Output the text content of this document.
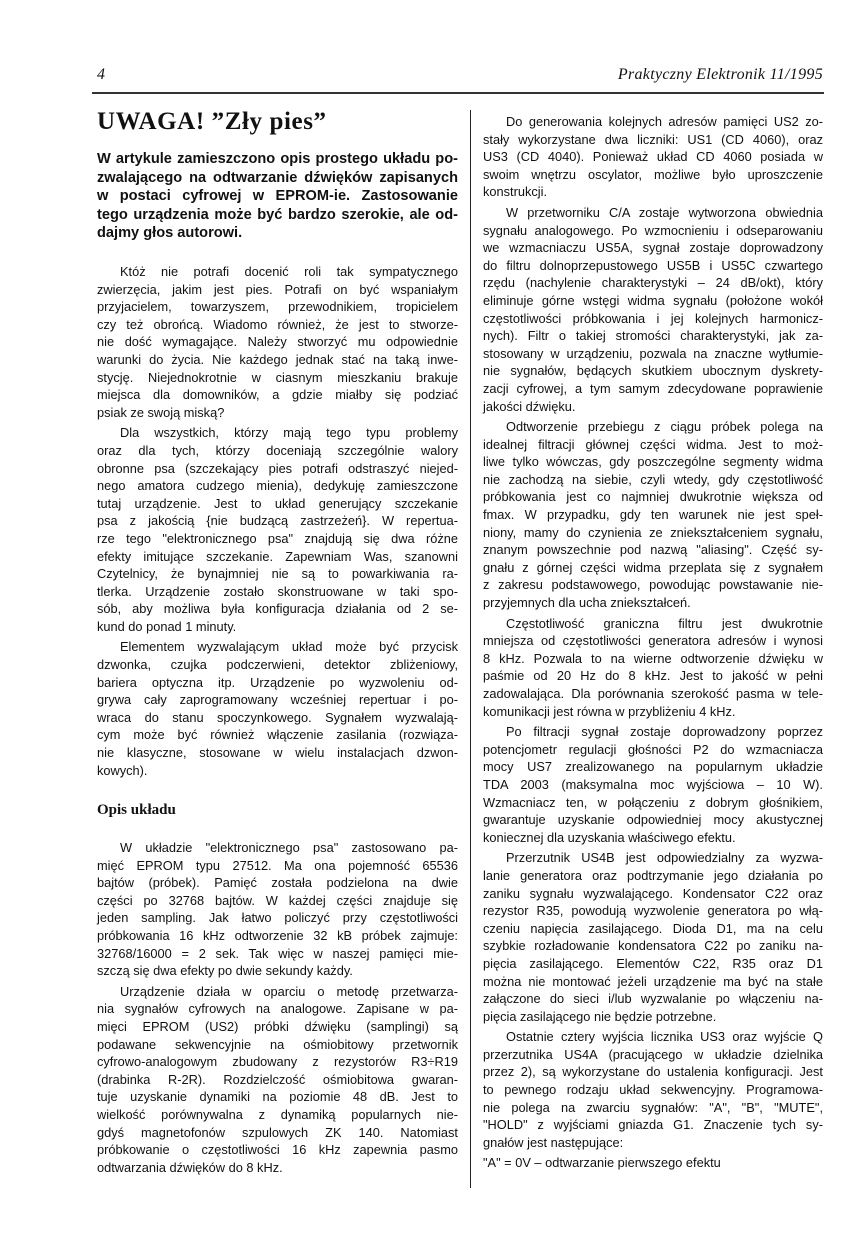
4	Praktyczny Elektronik 11/1995
UWAGA! ”Zły pies”
W artykule zamieszczono opis prostego układu po-
zwalającego na odtwarzanie dźwięków zapisanych
w postaci cyfrowej w EPROM-ie. Zastosowanie
tego urządzenia może być bardzo szerokie, ale od-
dajmy głos autorowi.
Któż nie potrafi docenić roli tak sympatycznego
zwierzęcia, jakim jest pies. Potrafi on być wspaniałym
przyjacielem, towarzyszem, przewodnikiem, tropicielem
czy też obrońcą. Wiadomo również, że jest to stworze-
nie dość wymagające. Należy stworzyć mu odpowiednie
warunki do życia. Nie każdego jednak stać na taką inwe-
stycję. Niejednokrotnie w ciasnym mieszkaniu brakuje
miejsca dla domowników, a gdzie miałby się podziać
psiak ze swoją miską?
Dla wszystkich, którzy mają tego typu problemy
oraz dla tych, którzy doceniają szczególnie walory
obronne psa (szczekający pies potrafi odstraszyć niejed-
nego amatora cudzego mienia), dedykuję zamieszczone
tutaj urządzenie. Jest to układ generujący szczekanie
psa z jakością {nie budzącą zastrzeżeń}. W repertua-
rze tego "elektronicznego psa" znajdują się dwa różne
efekty imitujące szczekanie. Zapewniam Was, szanowni
Czytelnicy, że bynajmniej nie są to powarkiwania ra-
tlerka. Urządzenie zostało skonstruowane w taki spo-
sób, aby możliwa była konfiguracja działania od 2 se-
kund do ponad 1 minuty.
Elementem wyzwalającym układ może być przycisk
dzwonka, czujka podczerwieni, detektor zbliżeniowy,
bariera optyczna itp. Urządzenie po wyzwoleniu od-
grywa cały zaprogramowany wcześniej repertuar i po-
wraca do stanu spoczynkowego. Sygnałem wyzwalają-
cym może być również włączenie zasilania (rozwiąza-
nie klasyczne, stosowane w wielu instalacjach dzwon-
kowych).
Opis układu
W układzie "elektronicznego psa" zastosowano pa-
mięć EPROM typu 27512. Ma ona pojemność 65536
bajtów (próbek). Pamięć została podzielona na dwie
części po 32768 bajtów. W każdej części znajduje się
jeden sampling. Jak łatwo policzyć przy częstotliwości
próbkowania 16 kHz odtworzenie 32 kB próbek zajmuje:
32768/16000 = 2 sek. Tak więc w naszej pamięci mie-
szczą się dwa efekty po dwie sekundy każdy.
Urządzenie działa w oparciu o metodę przetwarza-
nia sygnałów cyfrowych na analogowe. Zapisane w pa-
mięci EPROM (US2) próbki dźwięku (samplingi) są
podawane sekwencyjnie na ośmiobitowy przetwornik
cyfrowo-analogowym zbudowany z rezystorów R3÷R19
(drabinka R-2R). Rozdzielczość ośmiobitowa gwaran-
tuje uzyskanie dynamiki na poziomie 48 dB. Jest to
wielkość porównywalna z dynamiką popularnych nie-
gdyś magnetofonów szpulowych ZK 140. Natomiast
próbkowanie o częstotliwości 16 kHz zapewnia pasmo
odtwarzania dźwięków do 8 kHz.
Do generowania kolejnych adresów pamięci US2 zo-
stały wykorzystane dwa liczniki: US1 (CD 4060), oraz
US3 (CD 4040). Ponieważ układ CD 4060 posiada w
swoim wnętrzu oscylator, możliwe było uproszczenie
konstrukcji.
W przetworniku C/A zostaje wytworzona obwiednia
sygnału analogowego. Po wzmocnieniu i odseparowaniu
we wzmacniaczu US5A, sygnał zostaje doprowadzony
do filtru dolnoprzepustowego US5B i US5C czwartego
rzędu (nachylenie charakterystyki – 24 dB/okt), który
eliminuje górne wstęgi widma sygnału (położone wokół
częstotliwości próbkowania i jej kolejnych harmonicz-
nych). Filtr o takiej stromości charakterystyki, jak za-
stosowany w urządzeniu, pozwala na znaczne wytłumie-
nie sygnałów, będących skutkiem ubocznym dyskrety-
zacji cyfrowej, a tym samym zdecydowane poprawienie
jakości dźwięku.
Odtworzenie przebiegu z ciągu próbek polega na
idealnej filtracji głównej części widma. Jest to moż-
liwe tylko wówczas, gdy poszczególne segmenty widma
nie zachodzą na siebie, czyli wtedy, gdy częstotliwość
próbkowania jest co najmniej dwukrotnie większa od
fmax. W przypadku, gdy ten warunek nie jest speł-
niony, mamy do czynienia ze zniekształceniem sygnału,
znanym powszechnie pod nazwą "aliasing". Część sy-
gnału z górnej części widma przeplata się z sygnałem
z zakresu podstawowego, powodując powstawanie nie-
przyjemnych dla ucha zniekształceń.
Częstotliwość graniczna filtru jest dwukrotnie
mniejsza od częstotliwości generatora adresów i wynosi
8 kHz. Pozwala to na wierne odtworzenie dźwięku w
paśmie od 20 Hz do 8 kHz. Jest to jakość w pełni
zadowalająca. Dla porównania szerokość pasma w tele-
komunikacji jest równa w przybliżeniu 4 kHz.
Po filtracji sygnał zostaje doprowadzony poprzez
potencjometr regulacji głośności P2 do wzmacniacza
mocy US7 zrealizowanego na popularnym układzie
TDA 2003 (maksymalna moc wyjściowa – 10 W).
Wzmacniacz ten, w połączeniu z dobrym głośnikiem,
gwarantuje uzyskanie odpowiedniej mocy akustycznej
koniecznej dla uzyskania właściwego efektu.
Przerzutnik US4B jest odpowiedzialny za wyzwa-
lanie generatora oraz podtrzymanie jego działania po
zaniku sygnału wyzwalającego. Kondensator C22 oraz
rezystor R35, powodują wyzwolenie generatora po włą-
czeniu napięcia zasilającego. Dioda D1, ma na celu
szybkie rozładowanie kondensatora C22 po zaniku na-
pięcia zasilającego. Elementów C22, R35 oraz D1
można nie montować jeżeli urządzenie ma być na stałe
załączone do sieci i/lub wyzwalanie po włączeniu na-
pięcia zasilającego nie będzie potrzebne.
Ostatnie cztery wyjścia licznika US3 oraz wyjście Q
przerzutnika US4A (pracującego w układzie dzielnika
przez 2), są wykorzystane do ustalenia konfiguracji. Jest
to pewnego rodzaju układ sekwencyjny. Programowa-
nie polega na zwarciu sygnałów: "A", "B", "MUTE",
"HOLD" z wyjściami gniazda G1. Znaczenie tych sy-
gnałów jest następujące:
"A" = 0V – odtwarzanie pierwszego efektu
